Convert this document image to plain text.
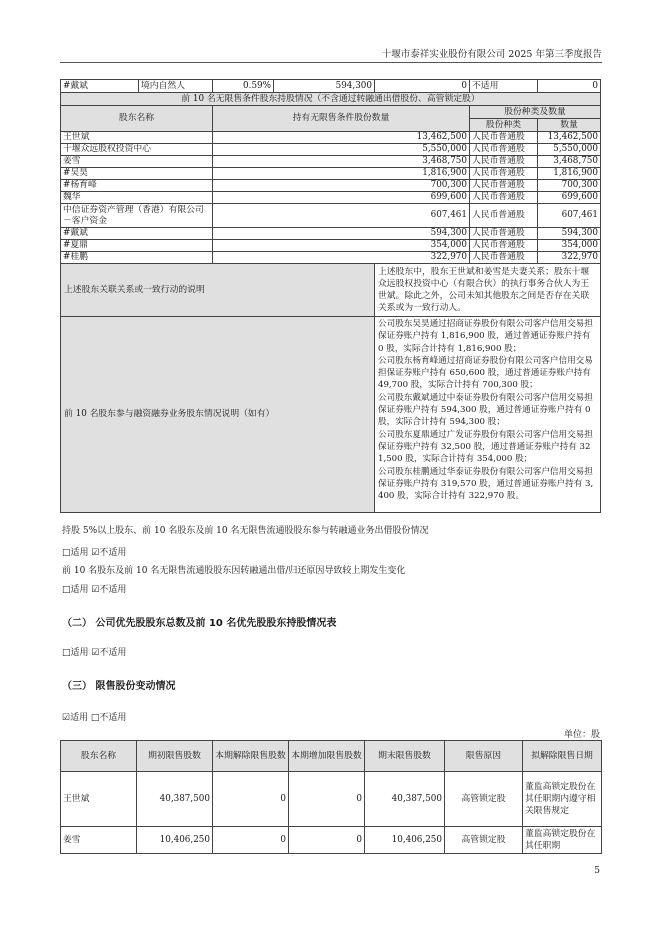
十堰市泰祥实业股份有限公司 2025 年第三季度报告
#戴斌	境内自然人	0.59%	594,300	0	不适用	0
前 10 名无限售条件股东持股情况（不含通过转融通出借股份、高管锁定股）						
股东名称		持有无限售条件股份数量			股份种类及数量	
					股份种类	数量
王世斌		13,462,500			人民币普通股	13,462,500
十堰众远股权投资中心		5,550,000			人民币普通股	5,550,000
姜雪		3,468,750			人民币普通股	3,468,750
#吴昊		1,816,900			人民币普通股	1,816,900
#杨育峰		700,300			人民币普通股	700,300
魏华		699,600			人民币普通股	699,600
中信证券资产管理（香港）有限公司－客户资金		607,461			人民币普通股	607,461
#戴斌		594,300			人民币普通股	594,300
#夏鼎		354,000			人民币普通股	354,000
#桂鹏		322,970			人民币普通股	322,970
上述股东关联关系或一致行动的说明				上述股东中，股东王世斌和姜雪是夫妻关系；股东十堰众远股权投资中心（有限合伙）的执行事务合伙人为王世斌。除此之外，公司未知其他股东之间是否存在关联关系或为一致行动人。		
前 10 名股东参与融资融券业务股东情况说明（如有）				公司股东吴昊通过招商证券股份有限公司客户信用交易担保证券账户持有 1,816,900 股，通过普通证券账户持有 0 股，实际合计持有 1,816,900 股；
公司股东杨育峰通过招商证券股份有限公司客户信用交易担保证券账户持有 650,600 股，通过普通证券账户持有 49,700 股，实际合计持有 700,300 股；
公司股东戴斌通过中泰证券股份有限公司客户信用交易担保证券账户持有 594,300 股，通过普通证券账户持有 0 股，实际合计持有 594,300 股；
公司股东夏鼎通过广发证券股份有限公司客户信用交易担保证券账户持有 32,500 股，通过普通证券账户持有 321,500 股，实际合计持有 354,000 股；
公司股东桂鹏通过华泰证券股份有限公司客户信用交易担保证券账户持有 319,570 股，通过普通证券账户持有 3,400 股，实际合计持有 322,970 股。		
持股 5%以上股东、前 10 名股东及前 10 名无限售流通股股东参与转融通业务出借股份情况
□适用 ☑不适用
前 10 名股东及前 10 名无限售流通股股东因转融通出借/归还原因导致较上期发生变化
□适用 ☑不适用
（二） 公司优先股股东总数及前 10 名优先股股东持股情况表
□适用 ☑不适用
（三） 限售股份变动情况
☑适用 □不适用
单位：股
股东名称	期初限售股数	本期解除限售股数	本期增加限售股数	期末限售股数	限售原因	拟解除限售日期
王世斌	40,387,500	0	0	40,387,500	高管锁定股	董监高锁定股份在其任职期内遵守相关限售规定
姜雪	10,406,250	0	0	10,406,250	高管锁定股	董监高锁定股份在其任职期
5
